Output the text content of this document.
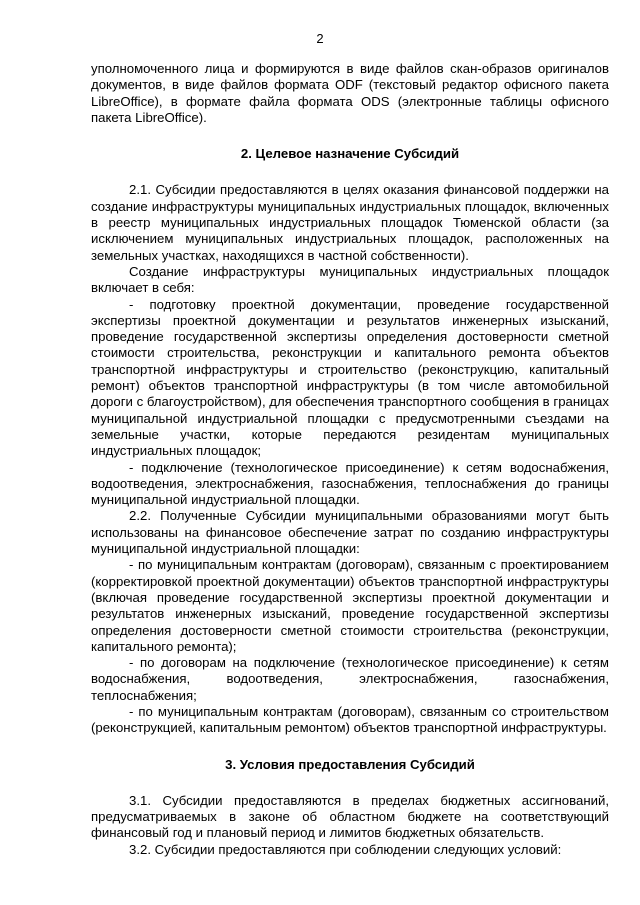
2

уполномоченного лица и формируются в виде файлов скан-образов оригиналов документов, в виде файлов формата ODF (текстовый редактор офисного пакета LibreOffice), в формате файла формата ODS (электронные таблицы офисного пакета LibreOffice).

2. Целевое назначение Субсидий

2.1. Субсидии предоставляются в целях оказания финансовой поддержки на создание инфраструктуры муниципальных индустриальных площадок, включенных в реестр муниципальных индустриальных площадок Тюменской области (за исключением муниципальных индустриальных площадок, расположенных на земельных участках, находящихся в частной собственности).

Создание инфраструктуры муниципальных индустриальных площадок включает в себя:

- подготовку проектной документации, проведение государственной экспертизы проектной документации и результатов инженерных изысканий, проведение государственной экспертизы определения достоверности сметной стоимости строительства, реконструкции и капитального ремонта объектов транспортной инфраструктуры и строительство (реконструкцию, капитальный ремонт) объектов транспортной инфраструктуры (в том числе автомобильной дороги с благоустройством), для обеспечения транспортного сообщения в границах муниципальной индустриальной площадки с предусмотренными съездами на земельные участки, которые передаются резидентам муниципальных индустриальных площадок;

- подключение (технологическое присоединение) к сетям водоснабжения, водоотведения, электроснабжения, газоснабжения, теплоснабжения до границы муниципальной индустриальной площадки.

2.2. Полученные Субсидии муниципальными образованиями могут быть использованы на финансовое обеспечение затрат по созданию инфраструктуры муниципальной индустриальной площадки:

- по муниципальным контрактам (договорам), связанным с проектированием (корректировкой проектной документации) объектов транспортной инфраструктуры (включая проведение государственной экспертизы проектной документации и результатов инженерных изысканий, проведение государственной экспертизы определения достоверности сметной стоимости строительства (реконструкции, капитального ремонта);

- по договорам на подключение (технологическое присоединение) к сетям водоснабжения, водоотведения, электроснабжения, газоснабжения, теплоснабжения;

- по муниципальным контрактам (договорам), связанным со строительством (реконструкцией, капитальным ремонтом) объектов транспортной инфраструктуры.

3. Условия предоставления Субсидий

3.1. Субсидии предоставляются в пределах бюджетных ассигнований, предусматриваемых в законе об областном бюджете на соответствующий финансовый год и плановый период и лимитов бюджетных обязательств.

3.2. Субсидии предоставляются при соблюдении следующих условий:
